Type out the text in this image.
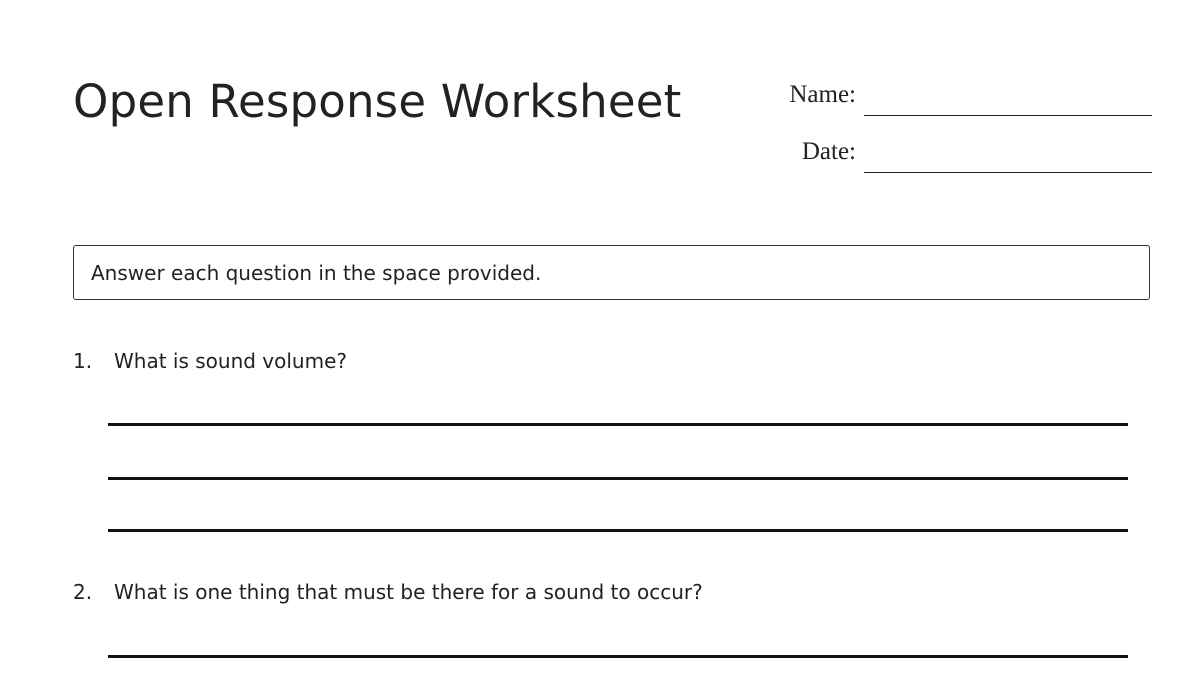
Open Response Worksheet	Name:
Date:
Answer each question in the space provided.
1. What is sound volume?
2. What is one thing that must be there for a sound to occur?
